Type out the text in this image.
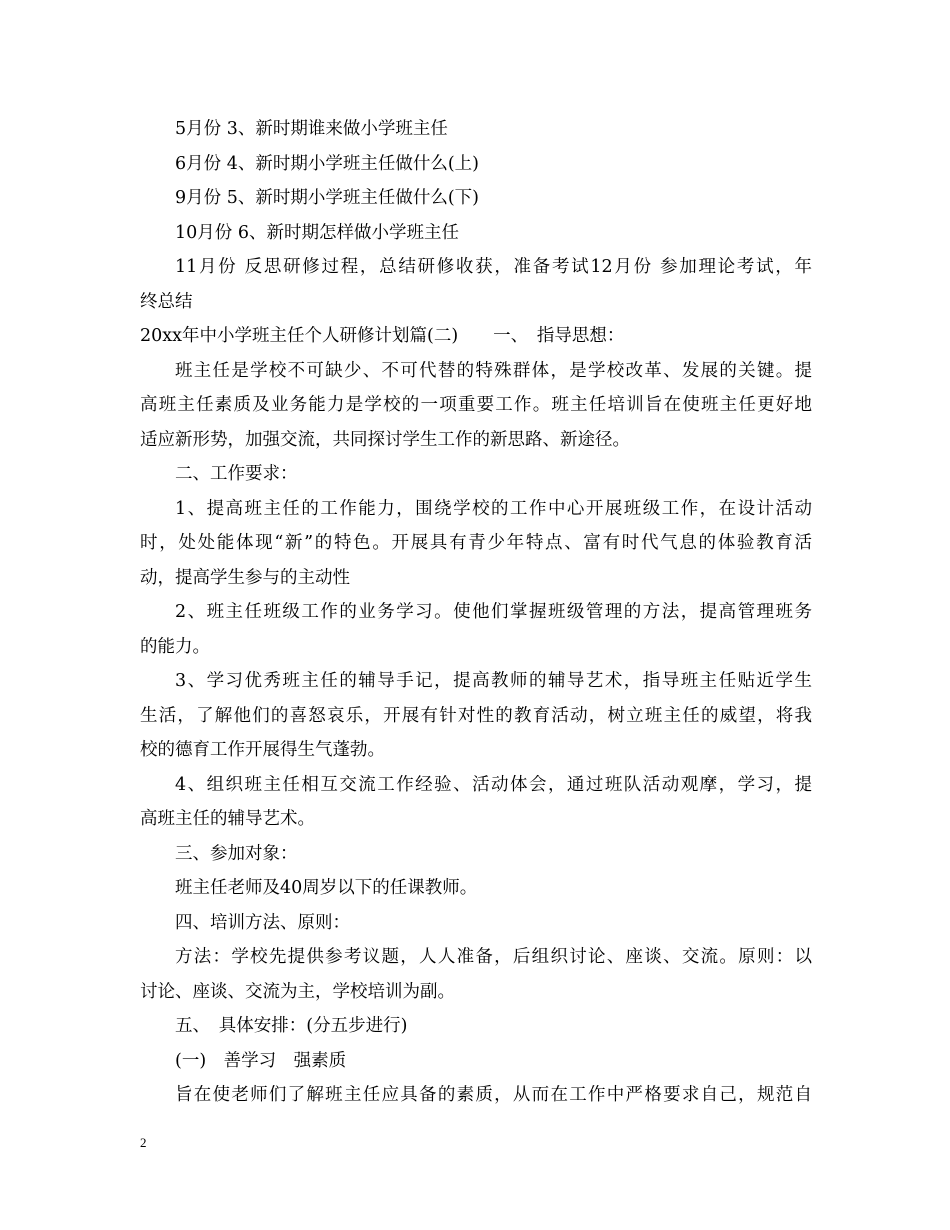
5月份 3、新时期谁来做小学班主任
6月份 4、新时期小学班主任做什么(上)
9月份 5、新时期小学班主任做什么(下)
10月份 6、新时期怎样做小学班主任
11月份 反思研修过程，总结研修收获，准备考试12月份 参加理论考试，年
终总结
20xx年中小学班主任个人研修计划篇(二)　　一、　指导思想：
班主任是学校不可缺少、不可代替的特殊群体，是学校改革、发展的关键。提
高班主任素质及业务能力是学校的一项重要工作。班主任培训旨在使班主任更好地
适应新形势，加强交流，共同探讨学生工作的新思路、新途径。
二、工作要求：
1、提高班主任的工作能力，围绕学校的工作中心开展班级工作，在设计活动
时，处处能体现“新”的特色。开展具有青少年特点、富有时代气息的体验教育活
动，提高学生参与的主动性
2、班主任班级工作的业务学习。使他们掌握班级管理的方法，提高管理班务
的能力。
3、学习优秀班主任的辅导手记，提高教师的辅导艺术，指导班主任贴近学生
生活，了解他们的喜怒哀乐，开展有针对性的教育活动，树立班主任的威望，将我
校的德育工作开展得生气蓬勃。
4、组织班主任相互交流工作经验、活动体会，通过班队活动观摩，学习，提
高班主任的辅导艺术。
三、参加对象：
班主任老师及40周岁以下的任课教师。
四、培训方法、原则：
方法：学校先提供参考议题，人人准备，后组织讨论、座谈、交流。原则：以
讨论、座谈、交流为主，学校培训为副。
五、　具体安排：(分五步进行)
(一)　善学习　强素质
旨在使老师们了解班主任应具备的素质，从而在工作中严格要求自己，规范自
2
